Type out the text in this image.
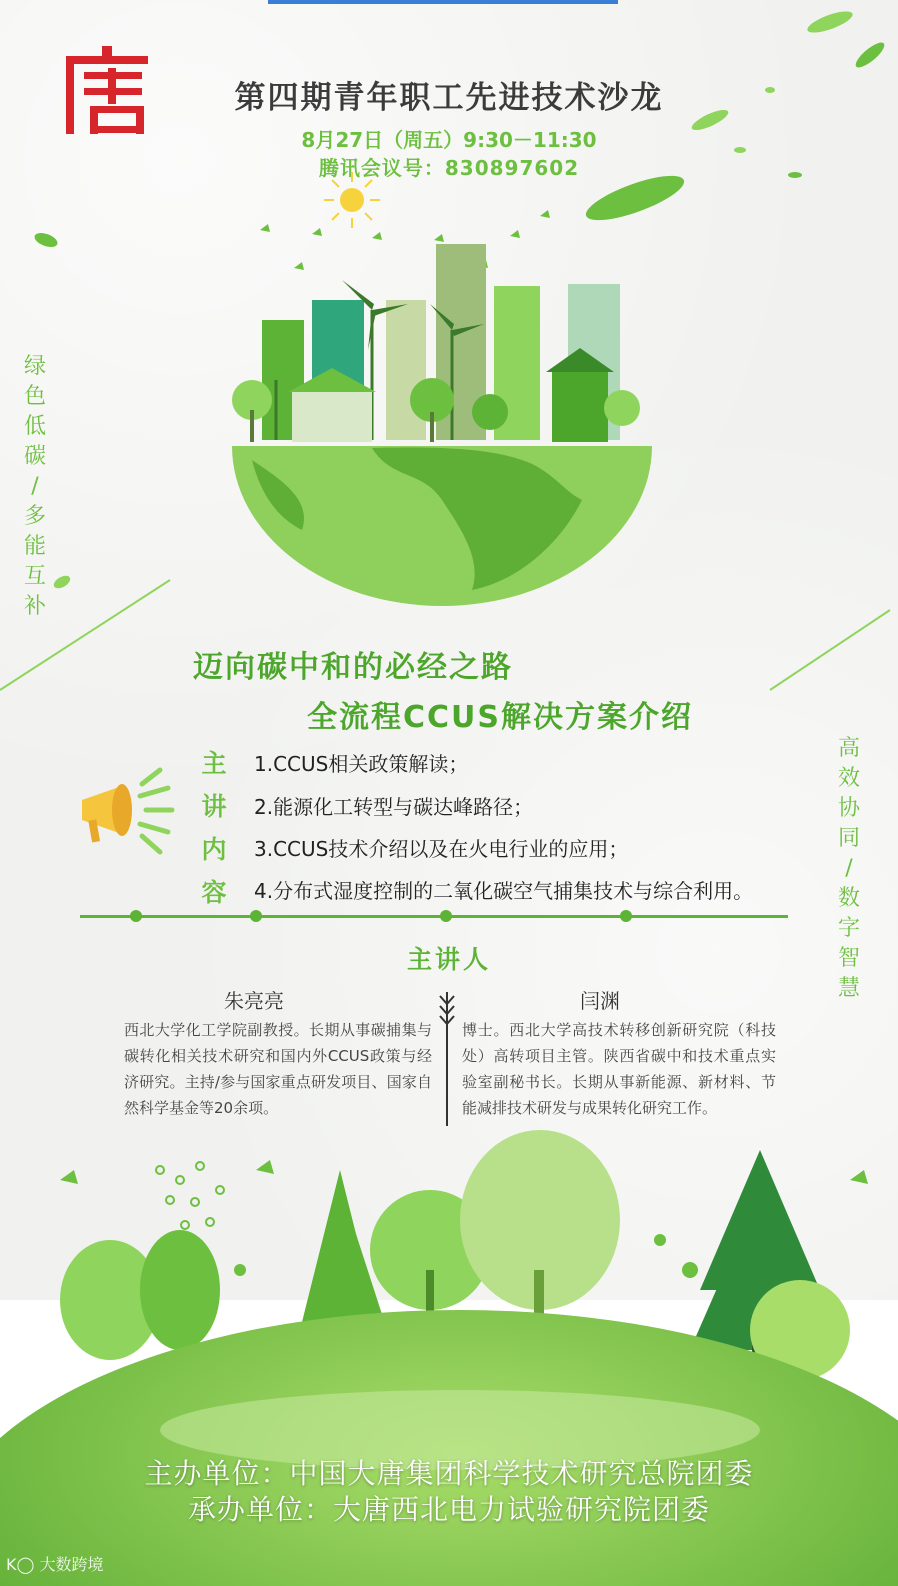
第四期青年职工先进技术沙龙
8月27日（周五）9:30－11:30
腾讯会议号：830897602
绿
色
低
碳
/
多
能
互
补
高
效
协
同
/
数
字
智
慧
迈向碳中和的必经之路
全流程CCUS解决方案介绍
主
讲
内
容
1.CCUS相关政策解读；
2.能源化工转型与碳达峰路径；
3.CCUS技术介绍以及在火电行业的应用；
4.分布式湿度控制的二氧化碳空气捕集技术与综合利用。
主讲人
朱亮亮
西北大学化工学院副教授。长期从事碳捕集与碳转化相关技术研究和国内外CCUS政策与经济研究。主持/参与国家重点研发项目、国家自然科学基金等20余项。
闫渊
博士。西北大学高技术转移创新研究院（科技处）高转项目主管。陕西省碳中和技术重点实验室副秘书长。长期从事新能源、新材料、节能减排技术研发与成果转化研究工作。
主办单位：中国大唐集团科学技术研究总院团委
承办单位：大唐西北电力试验研究院团委
K◯ 大数跨境
